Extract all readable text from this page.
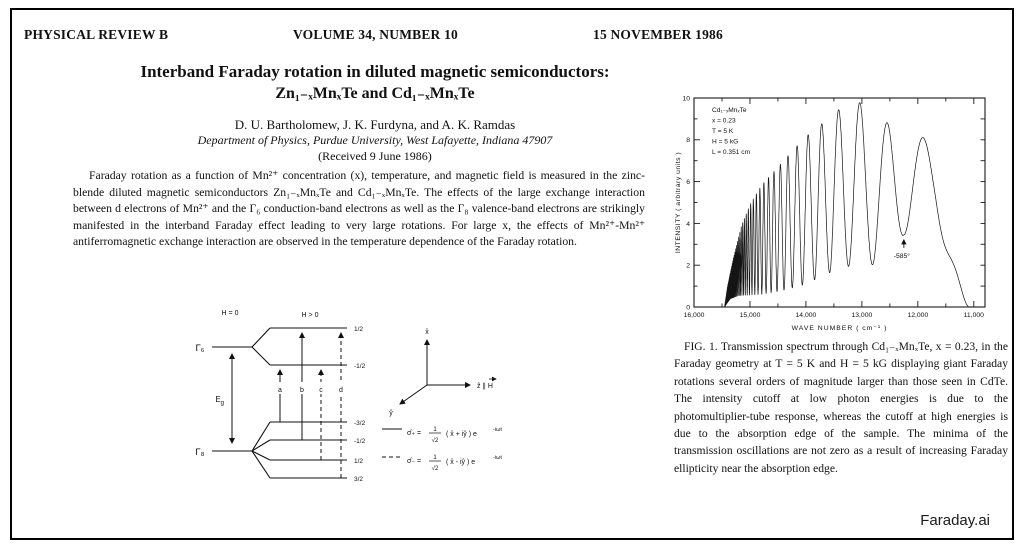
PHYSICAL REVIEW B	VOLUME 34, NUMBER 10	15 NOVEMBER 1986
Interband Faraday rotation in diluted magnetic semiconductors:
Zn₁₋ₓMnₓTe and Cd₁₋ₓMnₓTe
D. U. Bartholomew, J. K. Furdyna, and A. K. Ramdas
Department of Physics, Purdue University, West Lafayette, Indiana 47907
(Received 9 June 1986)
Faraday rotation as a function of Mn²⁺ concentration (x), temperature, and magnetic field is measured in the zinc-blende diluted magnetic semiconductors Zn₁₋ₓMnₓTe and Cd₁₋ₓMnₓTe. The effects of the large exchange interaction between d electrons of Mn²⁺ and the Γ₆ conduction-band electrons as well as the Γ₈ valence-band electrons are strikingly manifested in the interband Faraday effect leading to very large rotations. For large x, the effects of Mn²⁺-Mn²⁺ antiferromagnetic exchange interaction are observed in the temperature dependence of the Faraday rotation.
H = 0	H > 0
Γ₆
1/2
-1/2
Γ₈
-3/2
-1/2
1/2
3/2
$E_g$
a	b c d
x̂
ẑ ∥ H
ŷ
σ̂₊ = 1
√2
( x̂ + iŷ ) e
-iωt
σ̂₋ = 1
√2
( x̂ - iŷ ) e
-iωt
16,000	15,000	14,000	13,000	12,000	11,000
0
2
4
6
8
10
WAVE NUMBER ( cm⁻¹ )
INTENSITY ( arbitrary units )
Cd₁₋ₓMnₓTe
x = 0.23
T = 5 K
H = 5 kG
L = 0.351 cm
-585°
FIG. 1. Transmission spectrum through Cd₁₋ₓMnₓTe, x = 0.23, in the Faraday geometry at T = 5 K and H = 5 kG displaying giant Faraday rotations several orders of magnitude larger than those seen in CdTe. The intensity cutoff at low photon energies is due to the photomultiplier-tube response, whereas the cutoff at high energies is due to the absorption edge of the sample. The minima of the transmission oscillations are not zero as a result of increasing Faraday ellipticity near the absorption edge.
Faraday.ai
